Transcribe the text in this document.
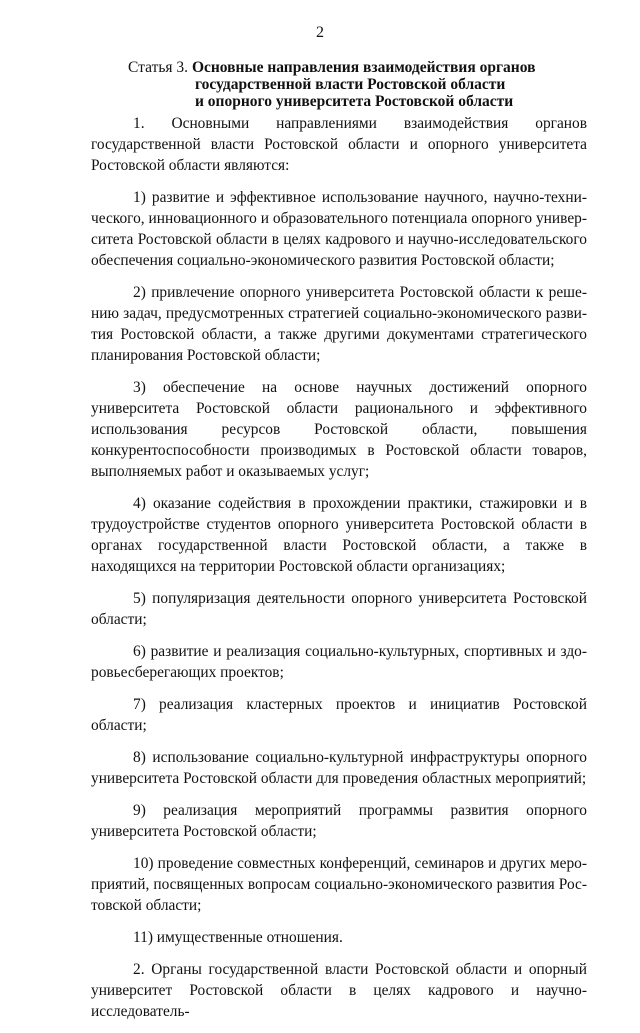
2
Статья 3. Основные направления взаимодействия органов
государственной власти Ростовской области
и опорного университета Ростовской области

1. Основными направлениями взаимодействия органов государственной власти Ростовской области и опорного университета Ростовской области являются:

1) развитие и эффективное использование научного, научно-технического, инновационного и образовательного потенциала опорного университета Ростовской области в целях кадрового и научно-исследовательского обеспечения социально-экономического развития Ростовской области;

2) привлечение опорного университета Ростовской области к решению задач, предусмотренных стратегией социально-экономического развития Ростовской области, а также другими документами стратегического планирования Ростовской области;

3) обеспечение на основе научных достижений опорного университета Ростовской области рационального и эффективного использования ресурсов Ростовской области, повышения конкурентоспособности производимых в Ростовской области товаров, выполняемых работ и оказываемых услуг;

4) оказание содействия в прохождении практики, стажировки и в трудоустройстве студентов опорного университета Ростовской области в органах государственной власти Ростовской области, а также в находящихся на территории Ростовской области организациях;

5) популяризация деятельности опорного университета Ростовской области;

6) развитие и реализация социально-культурных, спортивных и здоровьесберегающих проектов;

7) реализация кластерных проектов и инициатив Ростовской области;

8) использование социально-культурной инфраструктуры опорного университета Ростовской области для проведения областных мероприятий;

9) реализация мероприятий программы развития опорного университета Ростовской области;

10) проведение совместных конференций, семинаров и других мероприятий, посвященных вопросам социально-экономического развития Ростовской области;

11) имущественные отношения.

2. Органы государственной власти Ростовской области и опорный университет Ростовской области в целях кадрового и научно-исследователь-
